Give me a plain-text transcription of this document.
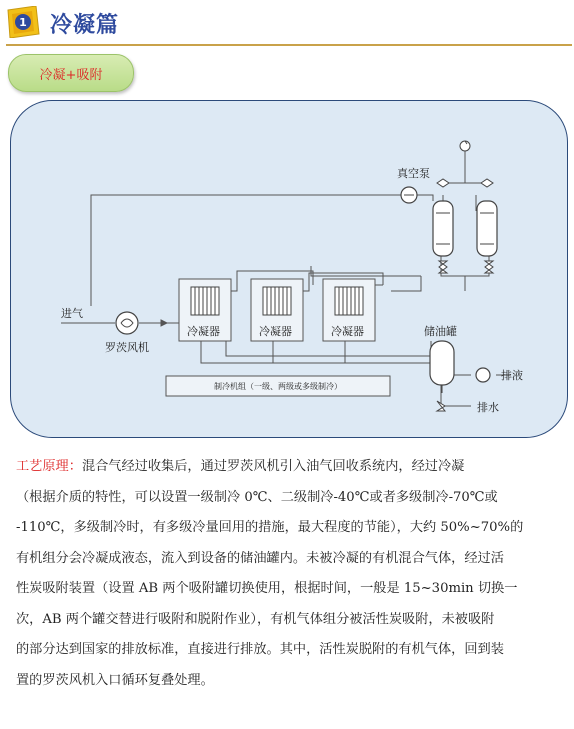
1 冷凝篇
冷凝+吸附
真空泵
进气
罗茨风机
冷凝器	冷凝器	冷凝器	储油罐
制冷机组（一级、两级或多级制冷）
排液
排水

工艺原理：混合气经过收集后，通过罗茨风机引入油气回收系统内，经过冷凝

（根据介质的特性，可以设置一级制冷 0℃、二级制冷-40℃或者多级制冷-70℃或

-110℃，多级制冷时，有多级冷量回用的措施，最大程度的节能），大约 50%~70%的

有机组分会冷凝成液态，流入到设备的储油罐内。未被冷凝的有机混合气体，经过活

性炭吸附装置（设置 AB 两个吸附罐切换使用，根据时间，一般是 15~30min 切换一

次，AB 两个罐交替进行吸附和脱附作业），有机气体组分被活性炭吸附，未被吸附

的部分达到国家的排放标准，直接进行排放。其中，活性炭脱附的有机气体，回到装

置的罗茨风机入口循环复叠处理。
